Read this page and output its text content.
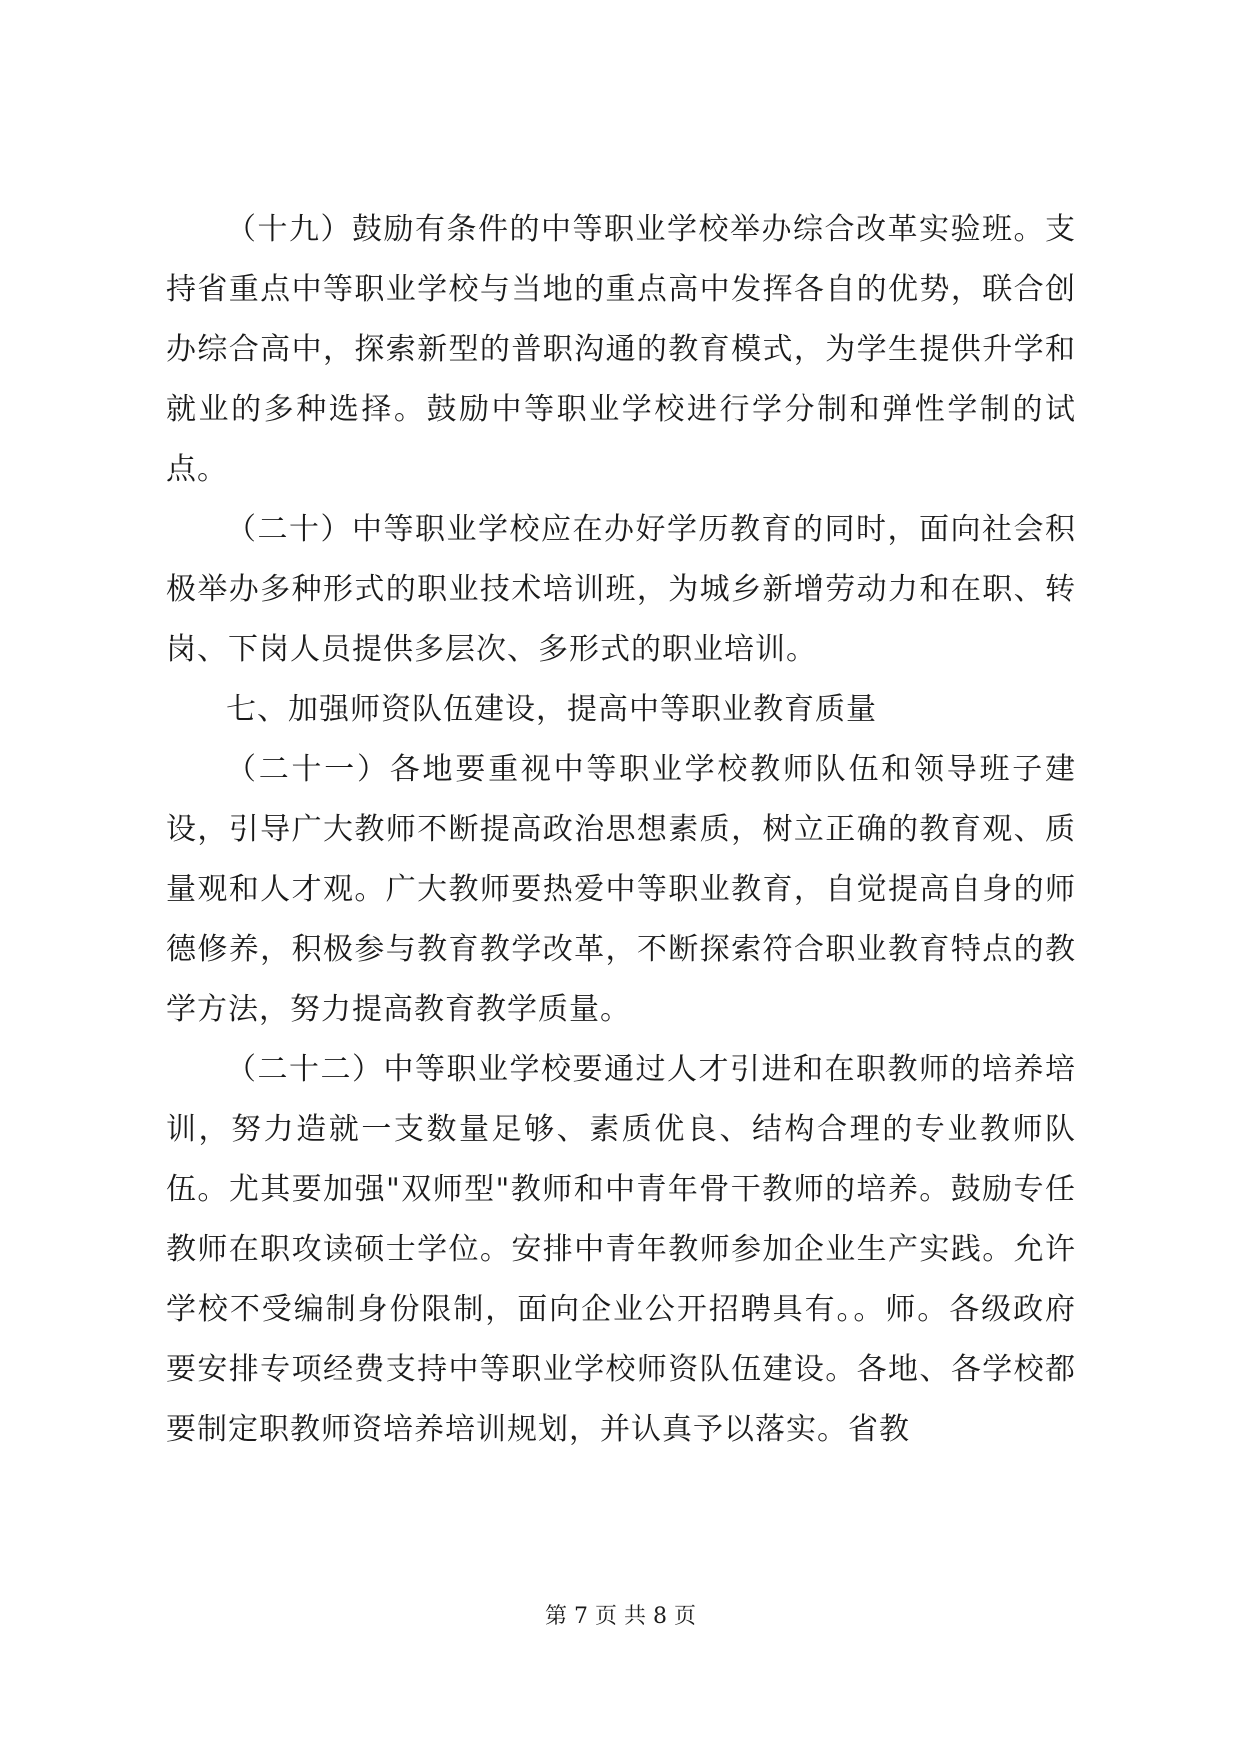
（十九）鼓励有条件的中等职业学校举办综合改革实验班。支持省重点中等职业学校与当地的重点高中发挥各自的优势，联合创办综合高中，探索新型的普职沟通的教育模式，为学生提供升学和就业的多种选择。鼓励中等职业学校进行学分制和弹性学制的试点。

（二十）中等职业学校应在办好学历教育的同时，面向社会积极举办多种形式的职业技术培训班，为城乡新增劳动力和在职、转岗、下岗人员提供多层次、多形式的职业培训。

七、加强师资队伍建设，提高中等职业教育质量

（二十一）各地要重视中等职业学校教师队伍和领导班子建设，引导广大教师不断提高政治思想素质，树立正确的教育观、质量观和人才观。广大教师要热爱中等职业教育，自觉提高自身的师德修养，积极参与教育教学改革，不断探索符合职业教育特点的教学方法，努力提高教育教学质量。

（二十二）中等职业学校要通过人才引进和在职教师的培养培训，努力造就一支数量足够、素质优良、结构合理的专业教师队伍。尤其要加强"双师型"教师和中青年骨干教师的培养。鼓励专任教师在职攻读硕士学位。安排中青年教师参加企业生产实践。允许学校不受编制身份限制，面向企业公开招聘具有。。师。各级政府要安排专项经费支持中等职业学校师资队伍建设。各地、各学校都要制定职教师资培养培训规划，并认真予以落实。省教

第 7 页 共 8 页
